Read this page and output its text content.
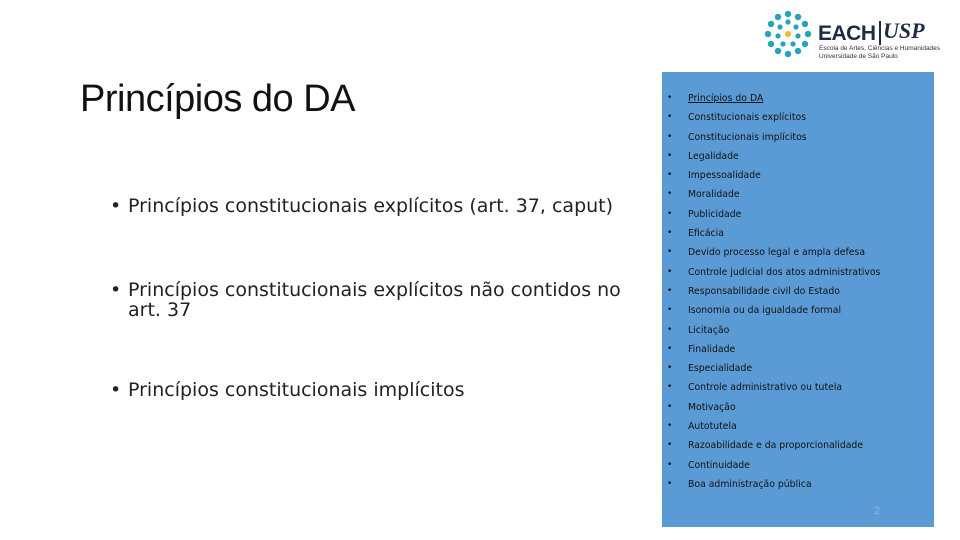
EACH USP
Escola de Artes, Ciências e Humanidades
Universidade de São Paulo
Princípios do DA
• Princípios constitucionais explícitos (art. 37, caput)
• Princípios constitucionais explícitos não contidos no art. 37
• Princípios constitucionais implícitos
• Princípios do DA
• Constitucionais explícitos
• Constitucionais implícitos
• Legalidade
• Impessoalidade
• Moralidade
• Publicidade
• Eficácia
• Devido processo legal e ampla defesa
• Controle judicial dos atos administrativos
• Responsabilidade civil do Estado
• Isonomia ou da igualdade formal
• Licitação
• Finalidade
• Especialidade
• Controle administrativo ou tutela
• Motivação
• Autotutela
• Razoabilidade e da proporcionalidade
• Continuidade
• Boa administração pública
2
